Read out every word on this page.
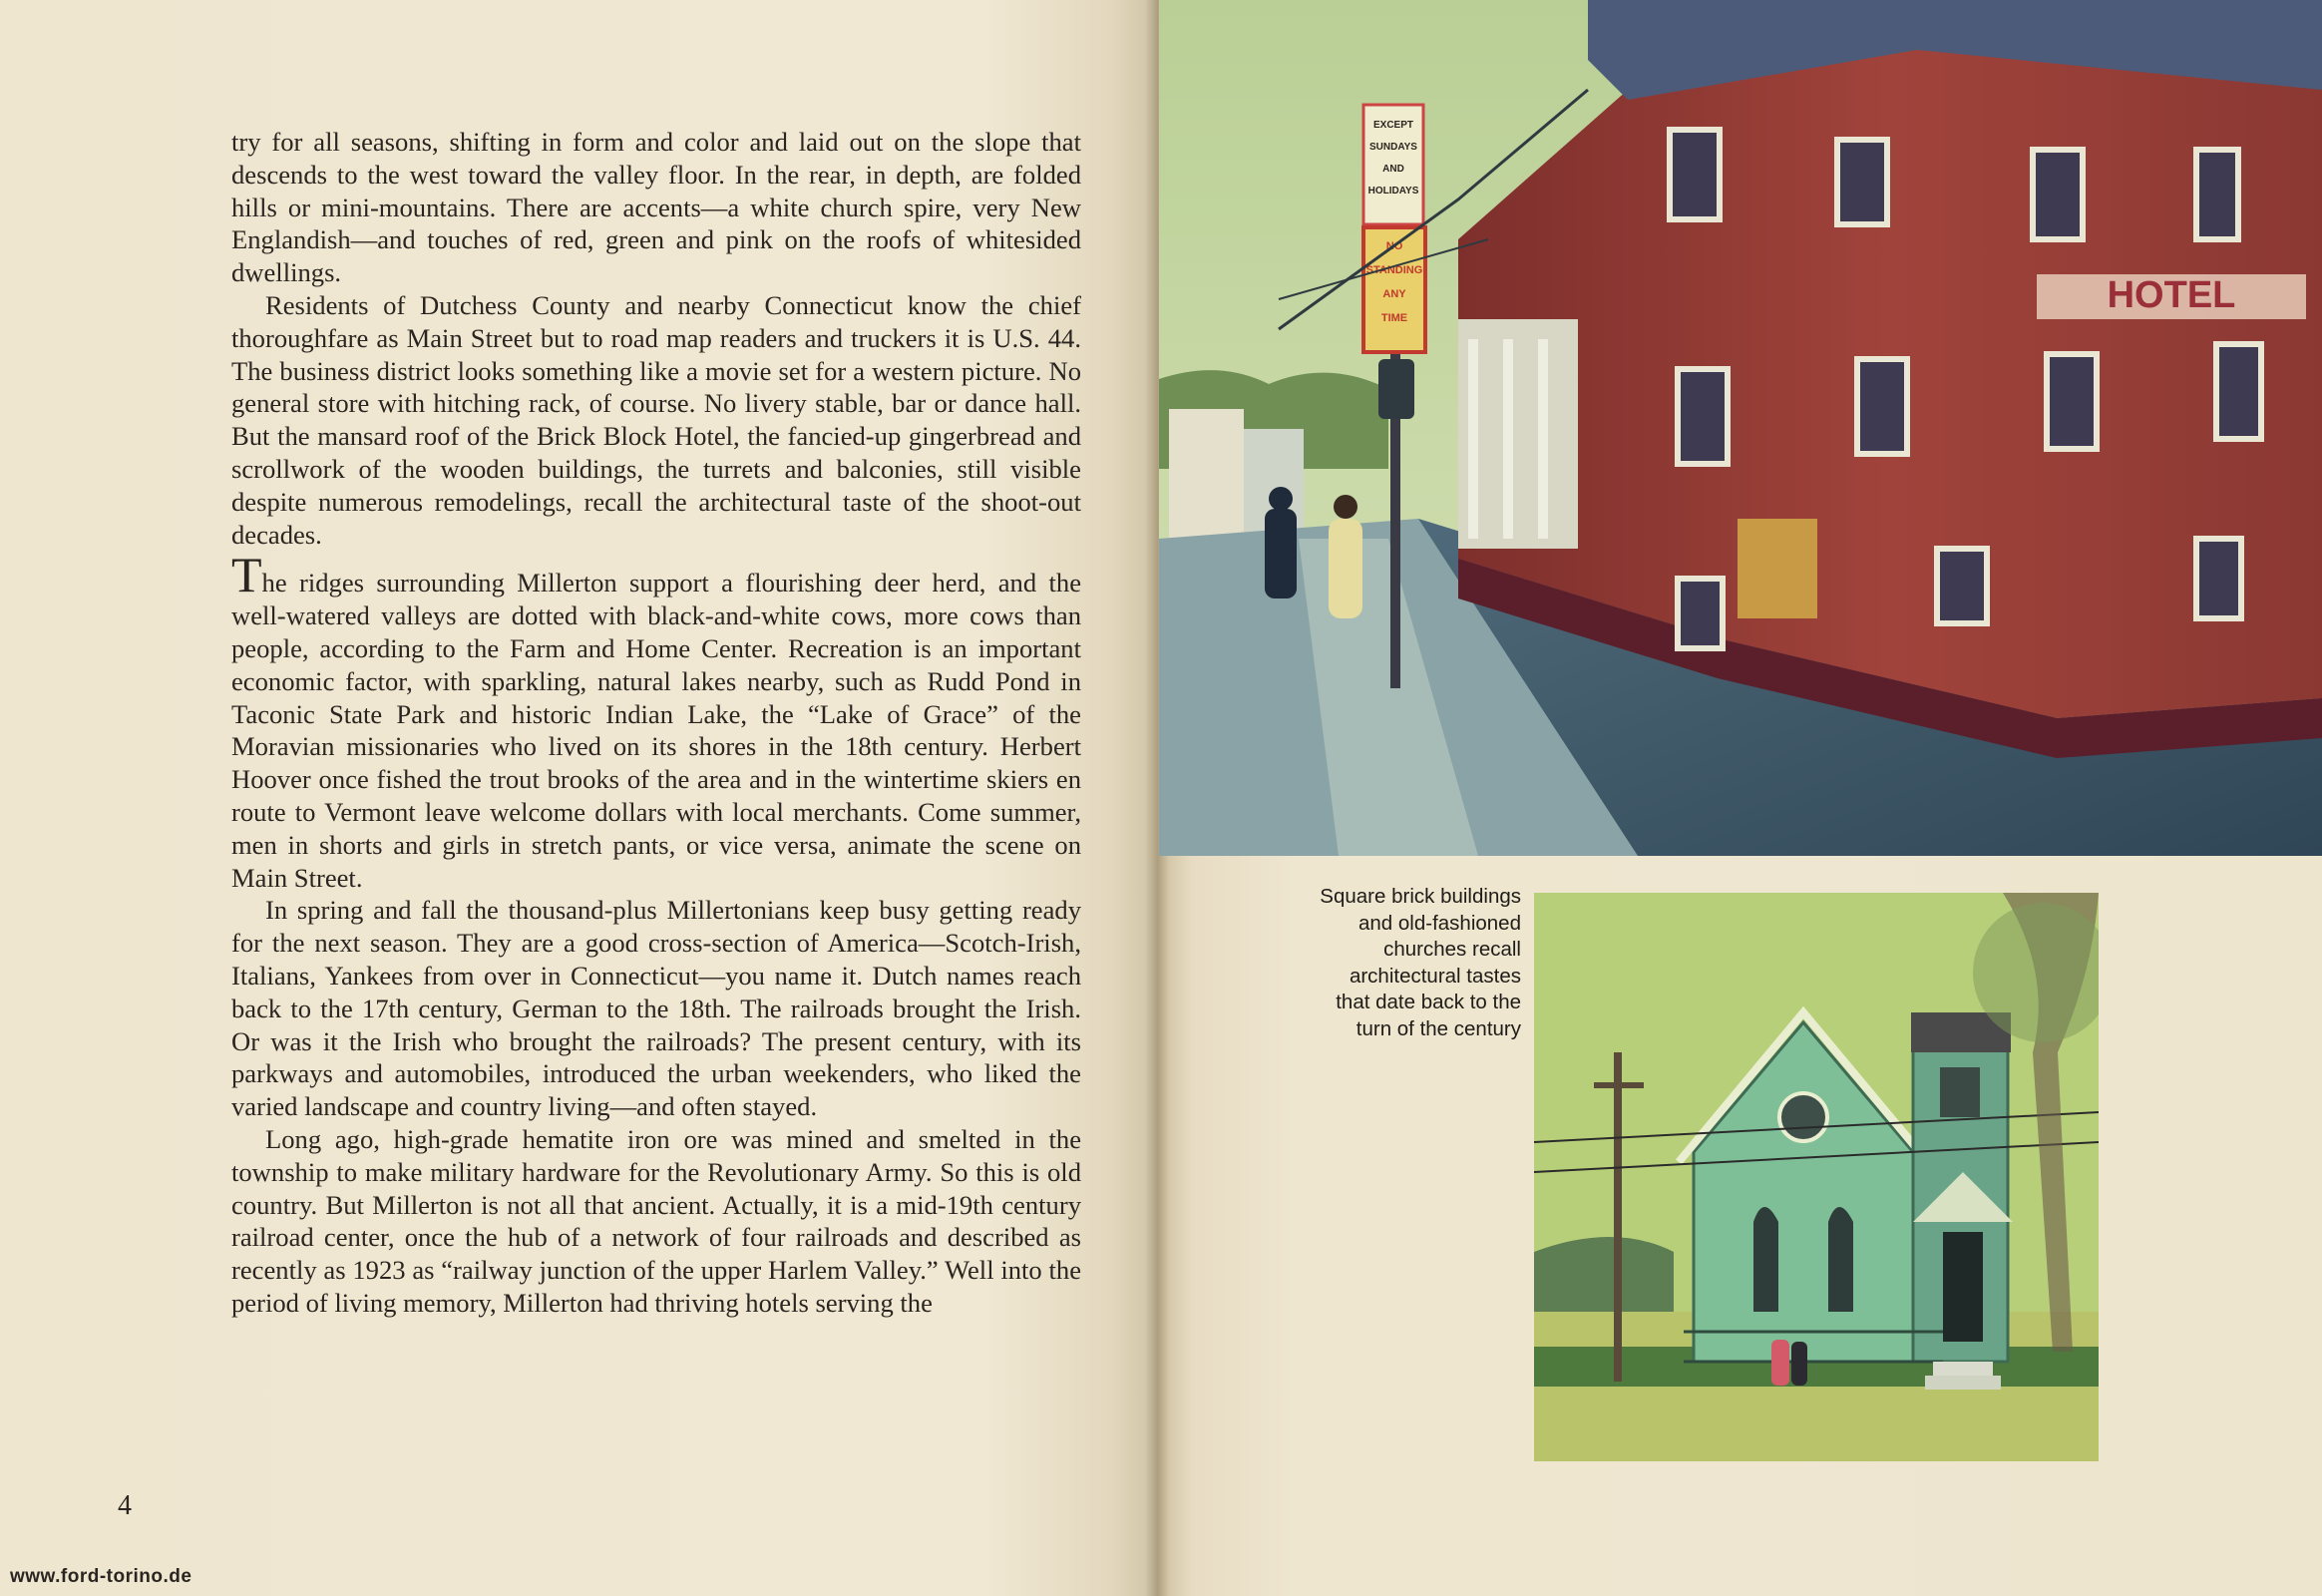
try for all seasons, shifting in form and color and laid out on the slope that descends to the west toward the valley floor. In the rear, in depth, are folded hills or mini-mountains. There are accents—a white church spire, very New Englandish—and touches of red, green and pink on the roofs of whitesided dwellings.

Residents of Dutchess County and nearby Connecticut know the chief thoroughfare as Main Street but to road map readers and truckers it is U.S. 44. The business district looks something like a movie set for a western picture. No general store with hitching rack, of course. No livery stable, bar or dance hall. But the mansard roof of the Brick Block Hotel, the fancied-up gingerbread and scrollwork of the wooden buildings, the turrets and balconies, still visible despite numerous remodelings, recall the architectural taste of the shoot-out decades.

The ridges surrounding Millerton support a flourishing deer herd, and the well-watered valleys are dotted with black-and-white cows, more cows than people, according to the Farm and Home Center. Recreation is an important economic factor, with sparkling, natural lakes nearby, such as Rudd Pond in Taconic State Park and historic Indian Lake, the “Lake of Grace” of the Moravian missionaries who lived on its shores in the 18th century. Herbert Hoover once fished the trout brooks of the area and in the wintertime skiers en route to Vermont leave welcome dollars with local merchants. Come summer, men in shorts and girls in stretch pants, or vice versa, animate the scene on Main Street.

In spring and fall the thousand-plus Millertonians keep busy getting ready for the next season. They are a good cross-section of America—Scotch-Irish, Italians, Yankees from over in Connecticut—you name it. Dutch names reach back to the 17th century, German to the 18th. The railroads brought the Irish. Or was it the Irish who brought the railroads? The present century, with its parkways and automobiles, introduced the urban weekenders, who liked the varied landscape and country living—and often stayed.

Long ago, high-grade hematite iron ore was mined and smelted in the township to make military hardware for the Revolutionary Army. So this is old country. But Millerton is not all that ancient. Actually, it is a mid-19th century railroad center, once the hub of a network of four railroads and described as recently as 1923 as “railway junction of the upper Harlem Valley.” Well into the period of living memory, Millerton had thriving hotels serving the

4
www.ford-torino.de
HOTEL
EXCEPT
SUNDAYS
AND
HOLIDAYS
NO
STANDING
ANY
TIME
Square brick buildings
and old-fashioned
churches recall
architectural tastes
that date back to the
turn of the century
